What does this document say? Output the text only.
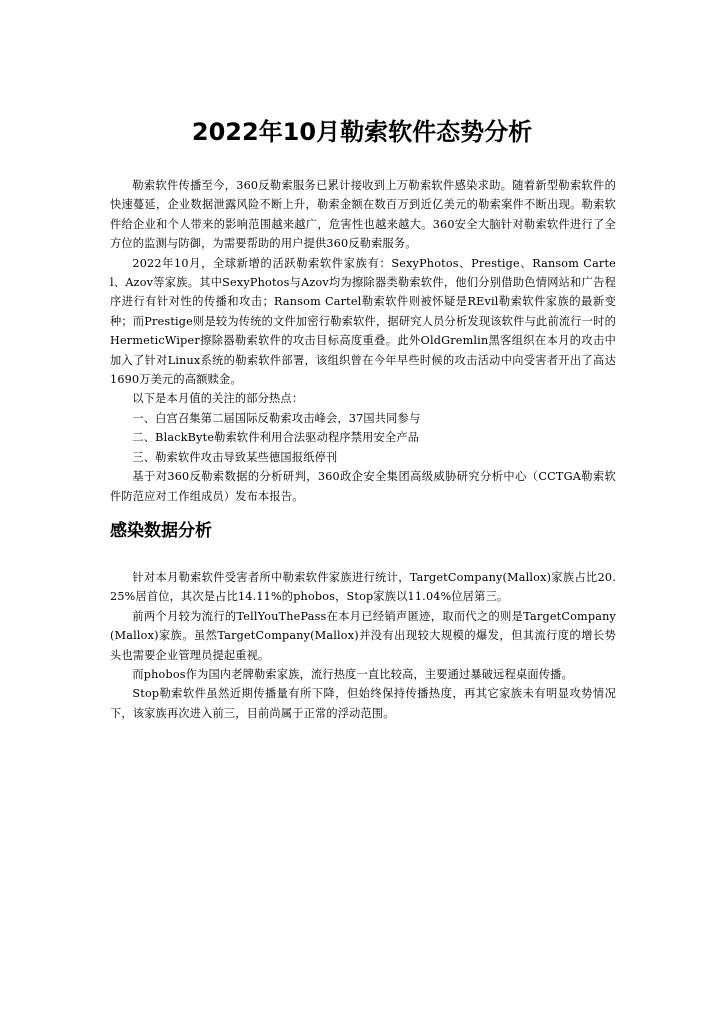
2022年10月勒索软件态势分析

勒索软件传播至今，360反勒索服务已累计接收到上万勒索软件感染求助。随着新型勒索软件的快速蔓延，企业数据泄露风险不断上升，勒索金额在数百万到近亿美元的勒索案件不断出现。勒索软件给企业和个人带来的影响范围越来越广，危害性也越来越大。360安全大脑针对勒索软件进行了全方位的监测与防御，为需要帮助的用户提供360反勒索服务。

2022年10月，全球新增的活跃勒索软件家族有：SexyPhotos、Prestige、Ransom Cartel、Azov等家族。其中SexyPhotos与Azov均为擦除器类勒索软件，他们分别借助色情网站和广告程序进行有针对性的传播和攻击；Ransom Cartel勒索软件则被怀疑是REvil勒索软件家族的最新变种；而Prestige则是较为传统的文件加密行勒索软件，据研究人员分析发现该软件与此前流行一时的HermeticWiper擦除器勒索软件的攻击目标高度重叠。此外OldGremlin黑客组织在本月的攻击中加入了针对Linux系统的勒索软件部署，该组织曾在今年早些时候的攻击活动中向受害者开出了高达1690万美元的高额赎金。

以下是本月值的关注的部分热点：

一、白宫召集第二届国际反勒索攻击峰会，37国共同参与

二、BlackByte勒索软件利用合法驱动程序禁用安全产品

三、勒索软件攻击导致某些德国报纸停刊

基于对360反勒索数据的分析研判，360政企安全集团高级威胁研究分析中心（CCTGA勒索软件防范应对工作组成员）发布本报告。

感染数据分析

针对本月勒索软件受害者所中勒索软件家族进行统计，TargetCompany(Mallox)家族占比20.25%居首位，其次是占比14.11%的phobos，Stop家族以11.04%位居第三。

前两个月较为流行的TellYouThePass在本月已经销声匿迹，取而代之的则是TargetCompany(Mallox)家族。虽然TargetCompany(Mallox)并没有出现较大规模的爆发，但其流行度的增长势头也需要企业管理员提起重视。

而phobos作为国内老牌勒索家族，流行热度一直比较高，主要通过暴破远程桌面传播。

Stop勒索软件虽然近期传播量有所下降，但始终保持传播热度，再其它家族未有明显攻势情况下，该家族再次进入前三，目前尚属于正常的浮动范围。
